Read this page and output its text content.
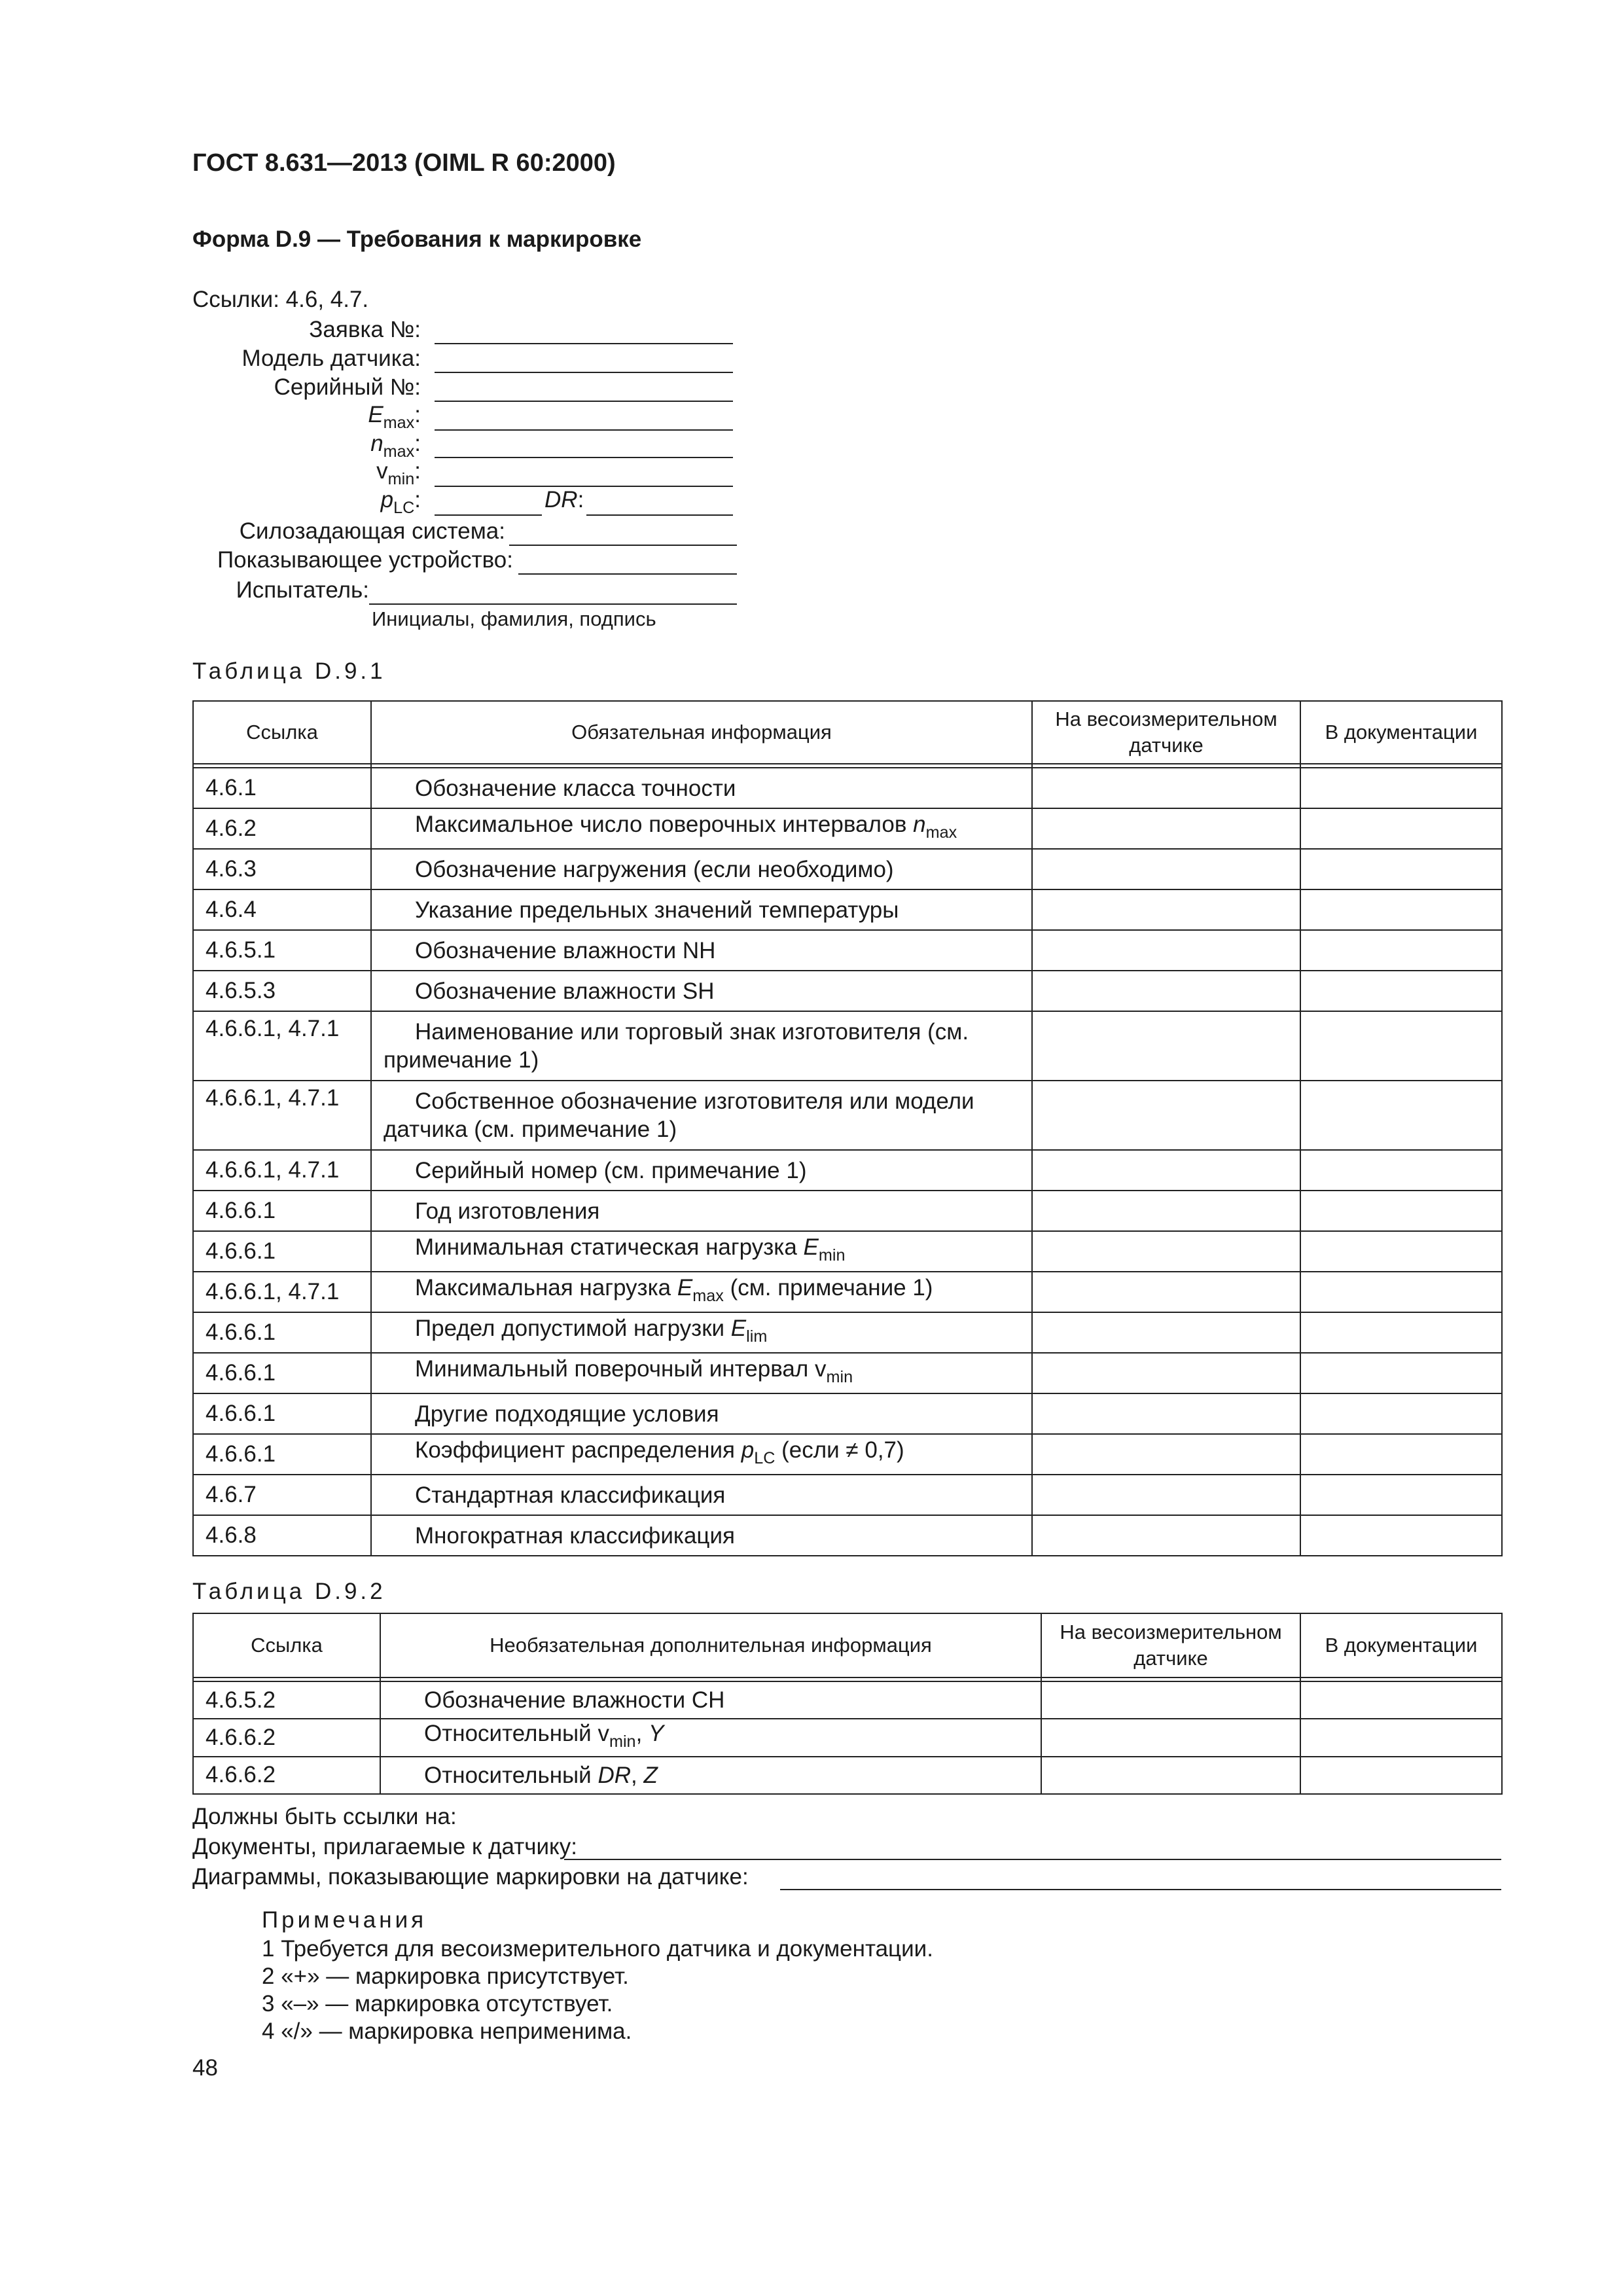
ГОСТ 8.631—2013 (OIML R 60:2000)
Форма D.9 — Требования к маркировке
Ссылки: 4.6, 4.7.
Заявка №:
Модель датчика:
Серийный №:
$E_{max}$:
$n_{max}$:
$v_{min}$:
$p_{LC}$:	DR:
Силозадающая система:
Показывающее устройство:
Испытатель:
Инициалы, фамилия, подпись
Таблица D.9.1
Ссылка	Обязательная информация	На весоизмерительном датчике	В документации

4.6.1	Обозначение класса точности		
4.6.2	Максимальное число поверочных интервалов $n_{max}$		
4.6.3	Обозначение нагружения (если необходимо)		
4.6.4	Указание предельных значений температуры		
4.6.5.1	Обозначение влажности NH		
4.6.5.3	Обозначение влажности SH		
4.6.6.1, 4.7.1	Наименование или торговый знак изготовителя (см.
примечание 1)		
4.6.6.1, 4.7.1	Собственное обозначение изготовителя или модели
датчика (см. примечание 1)		
4.6.6.1, 4.7.1	Серийный номер (см. примечание 1)		
4.6.6.1	Год изготовления		
4.6.6.1	Минимальная статическая нагрузка $E_{min}$		
4.6.6.1, 4.7.1	Максимальная нагрузка $E_{max}$ (см. примечание 1)		
4.6.6.1	Предел допустимой нагрузки $E_{lim}$		
4.6.6.1	Минимальный поверочный интервал $v_{min}$		
4.6.6.1	Другие подходящие условия		
4.6.6.1	Коэффициент распределения $p_{LC}$ (если ≠ 0,7)		
4.6.7	Стандартная классификация		
4.6.8	Многократная классификация		
Таблица D.9.2
Ссылка	Необязательная дополнительная информация	На весоизмерительном датчике	В документации

4.6.5.2	Обозначение влажности CH		
4.6.6.2	Относительный $v_{min}$, Y		
4.6.6.2	Относительный DR, Z		
Должны быть ссылки на:
Документы, прилагаемые к датчику:
Диаграммы, показывающие маркировки на датчике:
Примечания
1 Требуется для весоизмерительного датчика и документации.
2 «+» — маркировка присутствует.
3 «–» — маркировка отсутствует.
4 «/» — маркировка неприменима.
48
